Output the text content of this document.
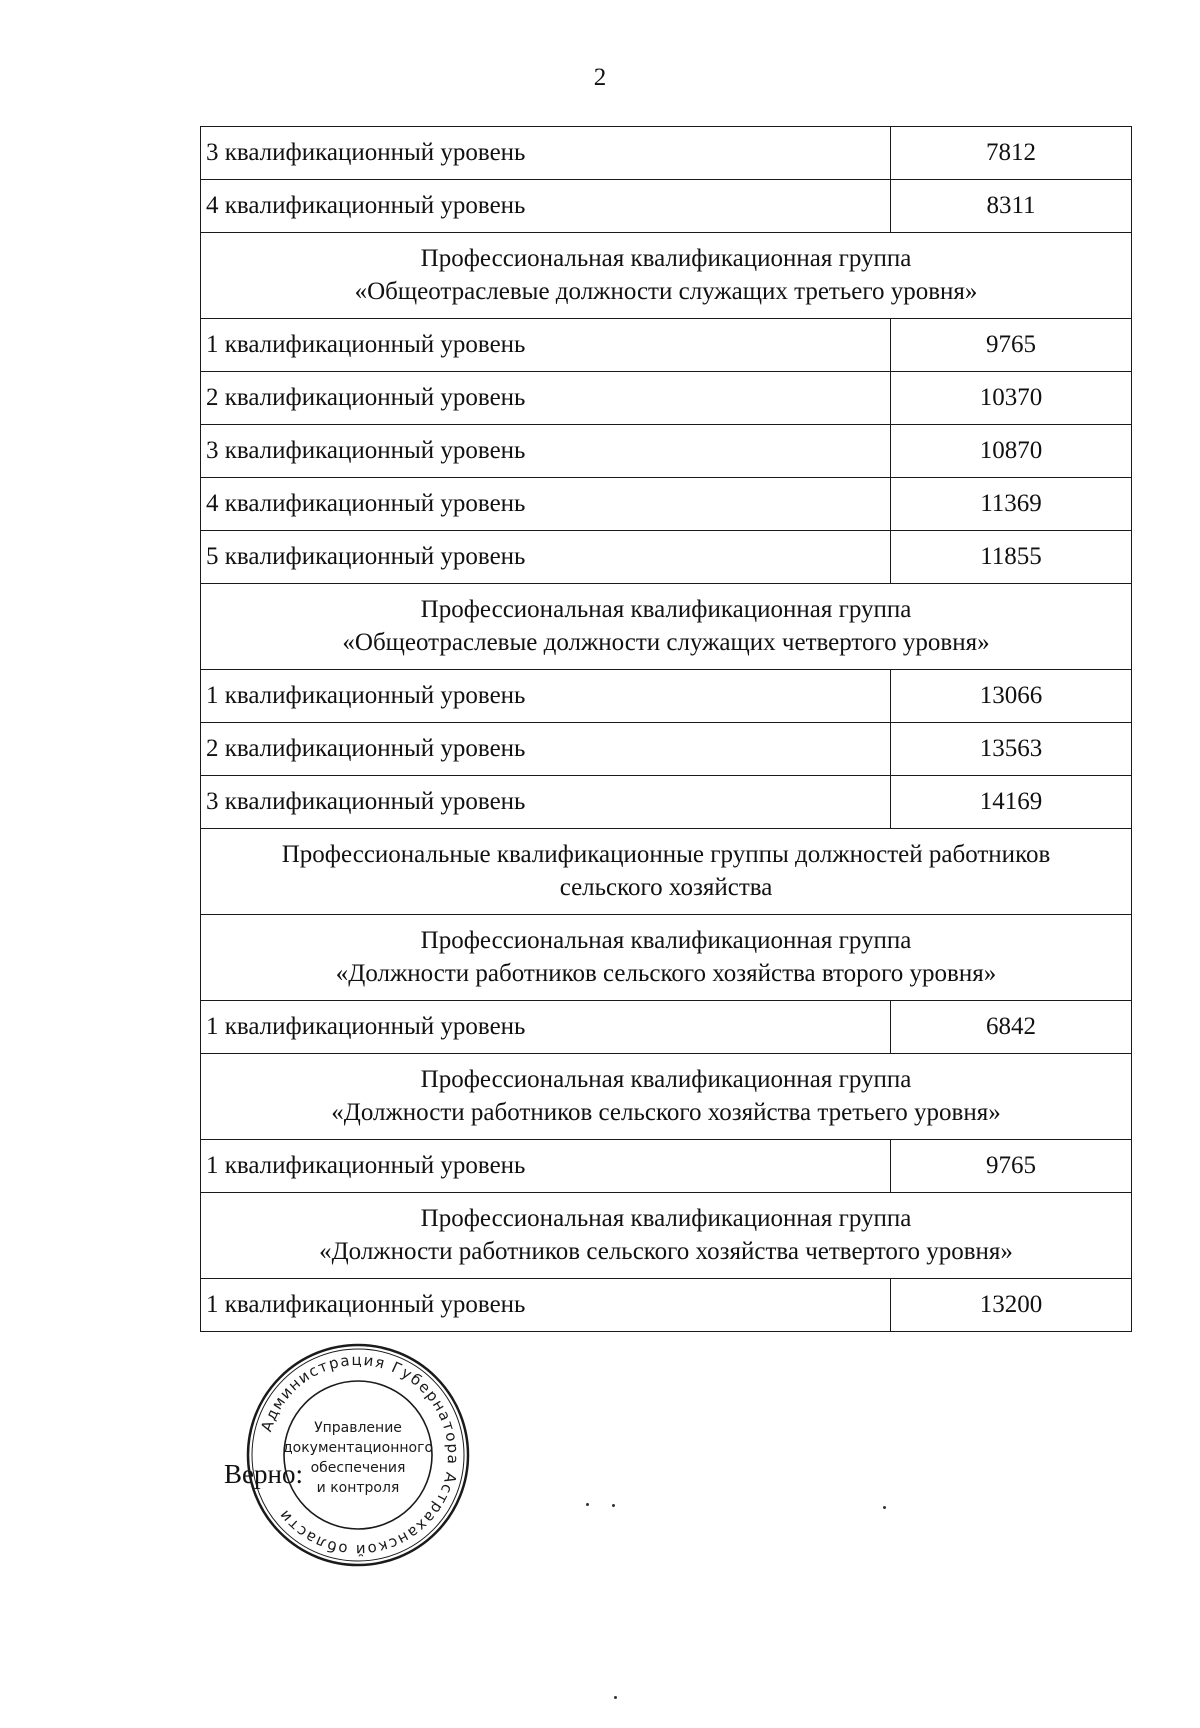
2
3 квалификационный уровень	7812
4 квалификационный уровень	8311

Профессиональная квалификационная группа
«Общеотраслевые должности служащих третьего уровня»	

1 квалификационный уровень	9765
2 квалификационный уровень	10370
3 квалификационный уровень	10870
4 квалификационный уровень	11369
5 квалификационный уровень	11855

Профессиональная квалификационная группа
«Общеотраслевые должности служащих четвертого уровня»	

1 квалификационный уровень	13066
2 квалификационный уровень	13563
3 квалификационный уровень	14169

Профессиональные квалификационные группы должностей работников
сельского хозяйства	

Профессиональная квалификационная группа
«Должности работников сельского хозяйства второго уровня»	

1 квалификационный уровень	6842

Профессиональная квалификационная группа
«Должности работников сельского хозяйства третьего уровня»	

1 квалификационный уровень	9765

Профессиональная квалификационная группа
«Должности работников сельского хозяйства четвертого уровня»	

1 квалификационный уровень	13200
Верно:
Администрация Губернатора Астраханской области
Управление
документационного
обеспечения
и контроля
